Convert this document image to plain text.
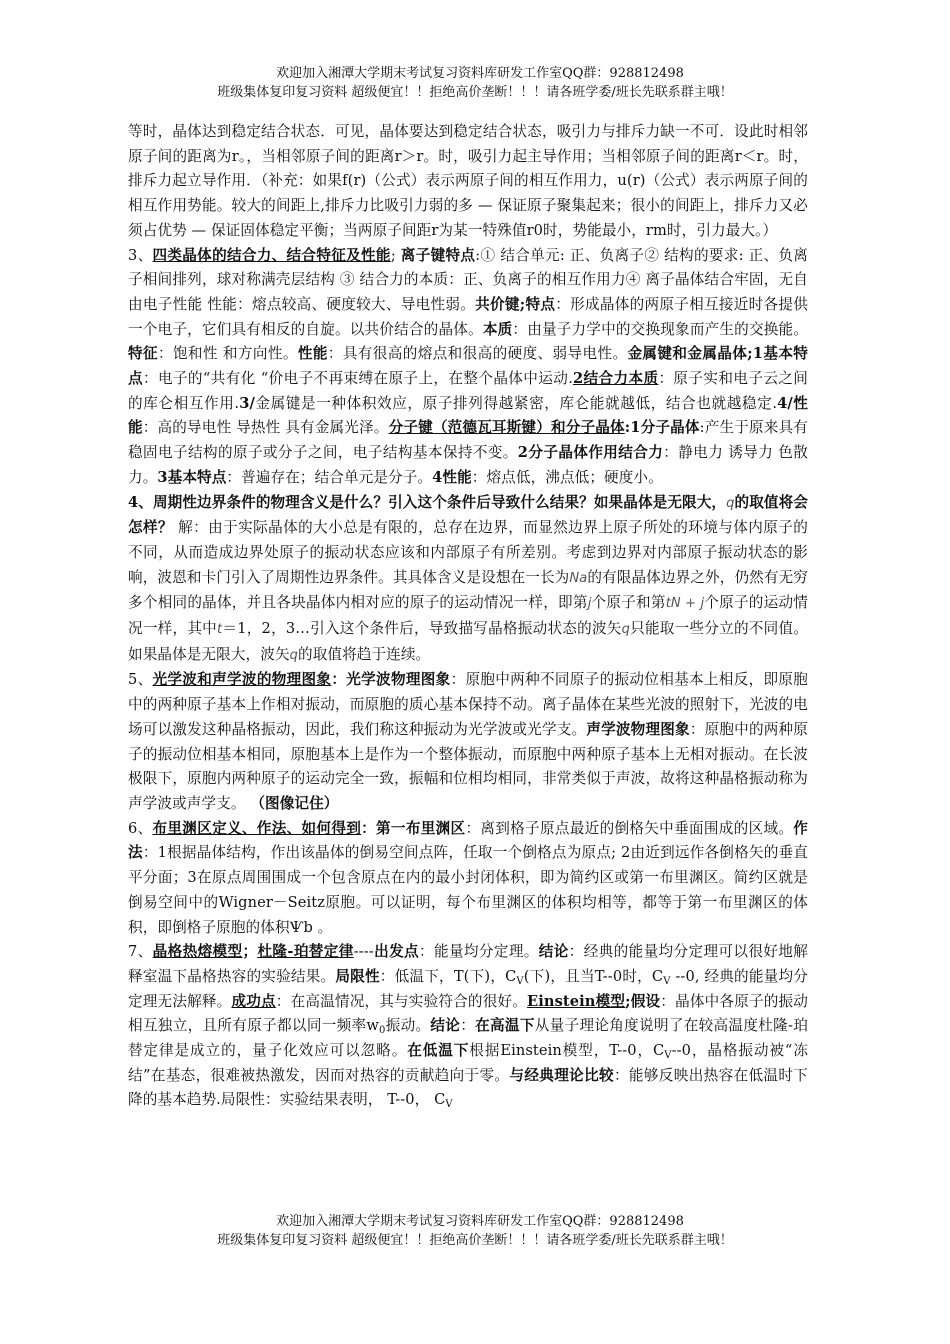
欢迎加入湘潭大学期末考试复习资料库研发工作室QQ群：928812498
班级集体复印复习资料 超级便宜！！拒绝高价垄断！！！请各班学委/班长先联系群主哦！

等时，晶体达到稳定结合状态．可见，晶体要达到稳定结合状态，吸引力与排斥力缺一不可．设此时相邻原子间的距离为r。，当相邻原子间的距离r＞r。时，吸引力起主导作用；当相邻原子间的距离r＜r。时，排斥力起立导作用．（补充：如果f(r)（公式）表示两原子间的相互作用力，u(r)（公式）表示两原子间的相互作用势能。较大的间距上,排斥力比吸引力弱的多 — 保证原子聚集起来；很小的间距上，排斥力又必须占优势 — 保证固体稳定平衡；当两原子间距r为某一特殊值r0时，势能最小，rm时，引力最大。）

3、四类晶体的结合力、结合特征及性能; 离子键特点:① 结合单元: 正、负离子② 结构的要求: 正、负离子相间排列，球对称满壳层结构 ③ 结合力的本质：正、负离子的相互作用力④ 离子晶体结合牢固，无自由电子性能 性能：熔点较高、硬度较大、导电性弱。共价键;特点：形成晶体的两原子相互接近时各提供一个电子，它们具有相反的自旋。以共价结合的晶体。本质：由量子力学中的交换现象而产生的交换能。特征：饱和性 和方向性。性能：具有很高的熔点和很高的硬度、弱导电性。金属键和金属晶体;1基本特点：电子的“共有化 “价电子不再束缚在原子上，在整个晶体中运动.2结合力本质：原子实和电子云之间的库仑相互作用.3/金属键是一种体积效应，原子排列得越紧密，库仑能就越低，结合也就越稳定.4/性能：高的导电性 导热性 具有金属光泽。分子键（范德瓦耳斯键）和分子晶体:1分子晶体:产生于原来具有稳固电子结构的原子或分子之间，电子结构基本保持不变。2分子晶体作用结合力：静电力 诱导力 色散力。3基本特点：普遍存在；结合单元是分子。4性能：熔点低，沸点低；硬度小。

4、周期性边界条件的物理含义是什么？引入这个条件后导致什么结果？如果晶体是无限大，q的取值将会怎样？ 解：由于实际晶体的大小总是有限的，总存在边界，而显然边界上原子所处的环境与体内原子的不同，从而造成边界处原子的振动状态应该和内部原子有所差别。考虑到边界对内部原子振动状态的影响，波恩和卡门引入了周期性边界条件。其具体含义是设想在一长为Na的有限晶体边界之外，仍然有无穷多个相同的晶体，并且各块晶体内相对应的原子的运动情况一样，即第j个原子和第tN + j个原子的运动情况一样，其中t＝1，2，3…引入这个条件后，导致描写晶格振动状态的波矢q只能取一些分立的不同值。如果晶体是无限大，波矢q的取值将趋于连续。

5、光学波和声学波的物理图象：光学波物理图象：原胞中两种不同原子的振动位相基本上相反，即原胞中的两种原子基本上作相对振动，而原胞的质心基本保持不动。离子晶体在某些光波的照射下，光波的电场可以激发这种晶格振动，因此，我们称这种振动为光学波或光学支。声学波物理图象：原胞中的两种原子的振动位相基本相同，原胞基本上是作为一个整体振动，而原胞中两种原子基本上无相对振动。在长波极限下，原胞内两种原子的运动完全一致，振幅和位相均相同，非常类似于声波，故将这种晶格振动称为声学波或声学支。 （图像记住）

6、布里渊区定义、作法、如何得到：第一布里渊区：离到格子原点最近的倒格矢中垂面围成的区域。作法：1根据晶体结构，作出该晶体的倒易空间点阵，任取一个倒格点为原点; 2由近到远作各倒格矢的垂直平分面；3在原点周围围成一个包含原点在内的最小封闭体积，即为简约区或第一布里渊区。简约区就是倒易空间中的Wigner－Seitz原胞。可以证明，每个布里渊区的体积均相等，都等于第一布里渊区的体积，即倒格子原胞的体积Ѱb 。

7、晶格热熔模型；杜隆-珀替定律----出发点：能量均分定理。结论：经典的能量均分定理可以很好地解释室温下晶格热容的实验结果。局限性：低温下，T(下)，$C_V$(下)，且当T--0时，$C_V$ --0, 经典的能量均分定理无法解释。成功点：在高温情况，其与实验符合的很好。Einstein模型;假设：晶体中各原子的振动相互独立，且所有原子都以同一频率$w_0$振动。结论：在高温下从量子理论角度说明了在较高温度杜隆-珀替定律是成立的，量子化效应可以忽略。在低温下根据Einstein模型，T--0，$C_V--0$，晶格振动被“冻结”在基态，很难被热激发，因而对热容的贡献趋向于零。与经典理论比较：能够反映出热容在低温时下降的基本趋势.局限性：实验结果表明， T--0， $C_V$

欢迎加入湘潭大学期末考试复习资料库研发工作室QQ群：928812498
班级集体复印复习资料 超级便宜！！拒绝高价垄断！！！请各班学委/班长先联系群主哦！
